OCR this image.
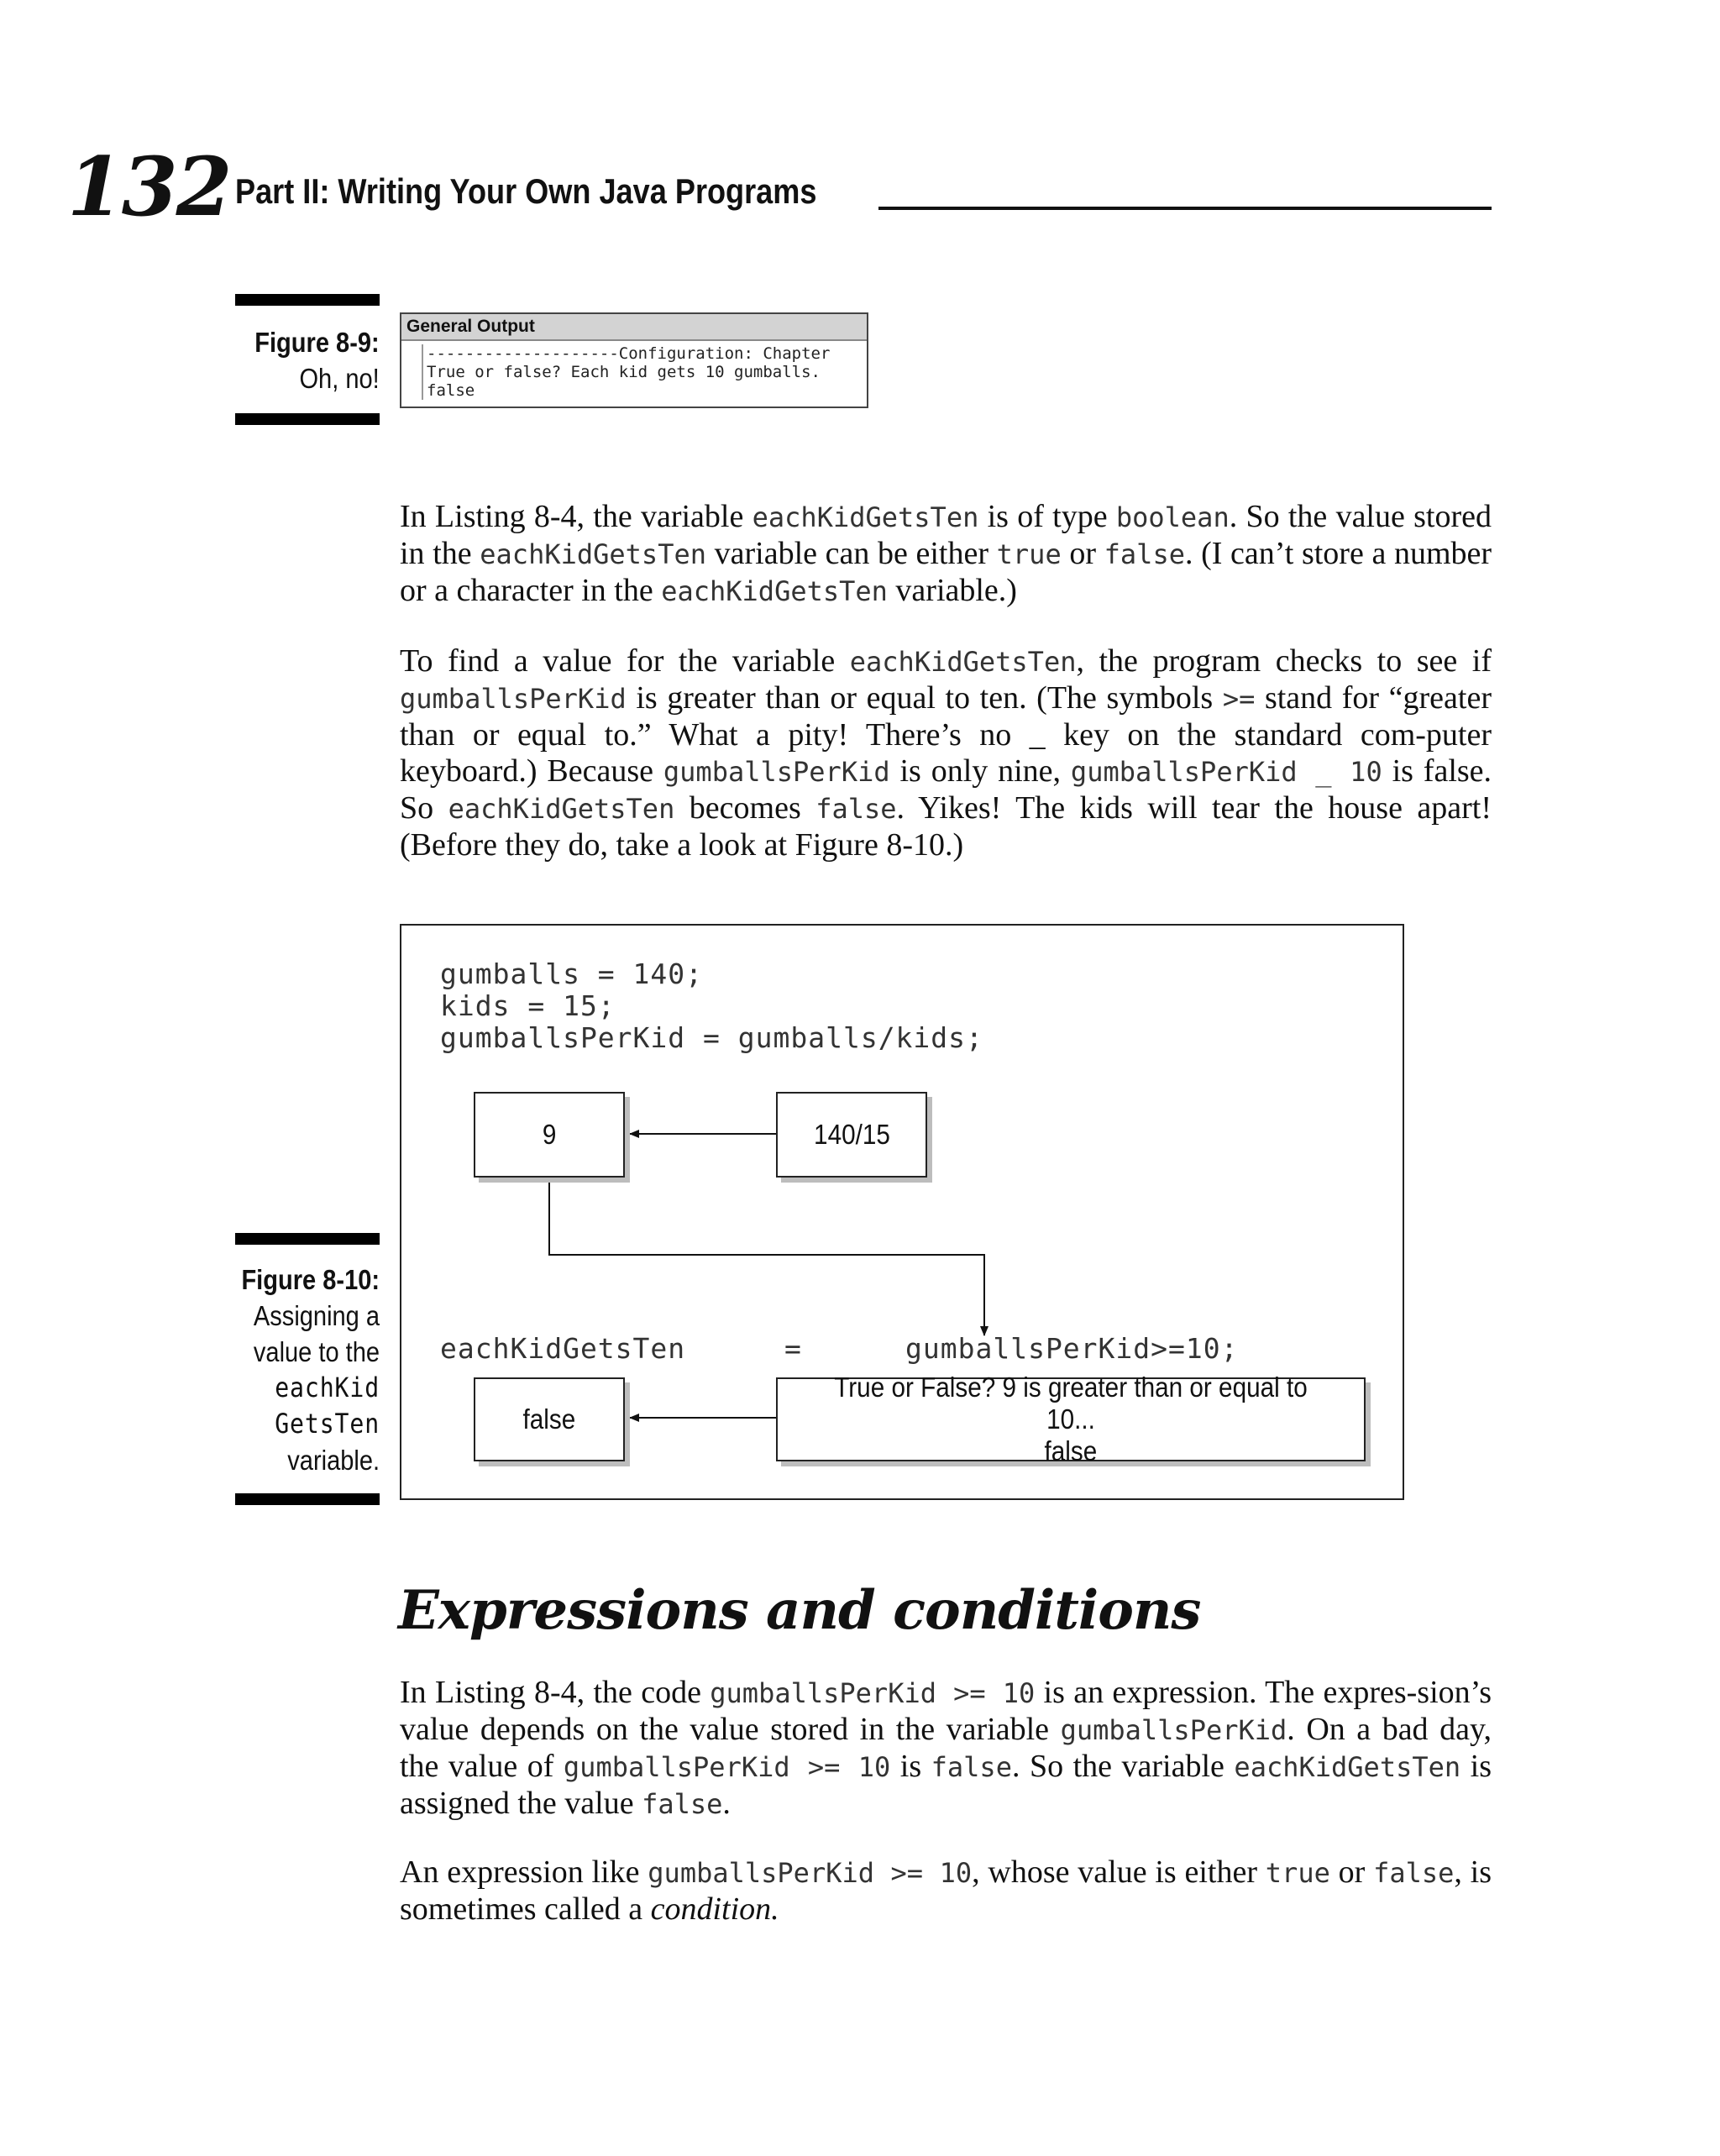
132 Part II: Writing Your Own Java Programs
Figure 8-9:
Oh, no!
General Output
--------------------Configuration: Chapter
True or false? Each kid gets 10 gumballs.
false

In Listing 8-4, the variable eachKidGetsTen is of type boolean. So the value stored in the eachKidGetsTen variable can be either true or false. (I can’t store a number or a character in the eachKidGetsTen variable.)

To find a value for the variable eachKidGetsTen, the program checks to see if gumballsPerKid is greater than or equal to ten. (The symbols >= stand for “greater than or equal to.” What a pity! There’s no _ key on the standard com-puter keyboard.) Because gumballsPerKid is only nine, gumballsPerKid _ 10 is false. So eachKidGetsTen becomes false. Yikes! The kids will tear the house apart! (Before they do, take a look at Figure 8-10.)

Figure 8-10:
Assigning a
value to the
eachKid
GetsTen
variable.
gumballs = 140;
kids = 15;
gumballsPerKid = gumballs/kids;
9	140/15
eachKidGetsTen	=	gumballsPerKid>=10;
false
True or False? 9 is greater than or equal to 10...
false
Expressions and conditions

In Listing 8-4, the code gumballsPerKid >= 10 is an expression. The expres-sion’s value depends on the value stored in the variable gumballsPerKid. On a bad day, the value of gumballsPerKid >= 10 is false. So the variable eachKidGetsTen is assigned the value false.

An expression like gumballsPerKid >= 10, whose value is either true or false, is sometimes called a condition.
